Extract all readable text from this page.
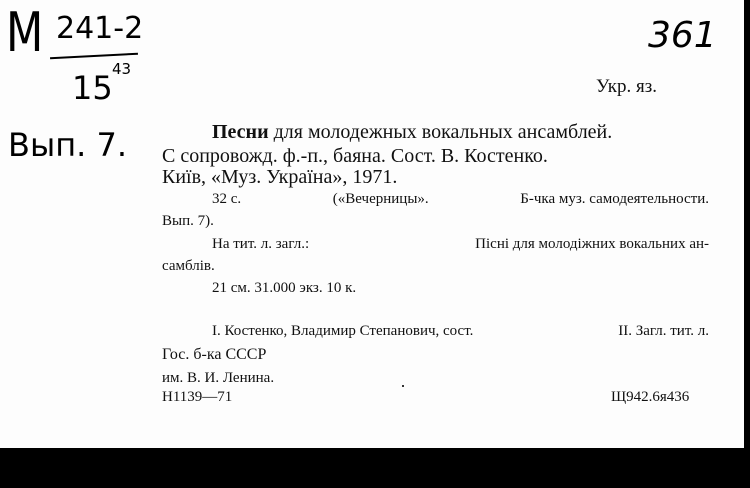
М 241-2
15 43
Вып. 7.
361
Укр. яз.
Песни для молодежных вокальных ансамблей.
С сопровожд. ф.-п., баяна. Сост. В. Костенко.
Київ, «Муз. Україна», 1971.
32 с.	(«Вечерницы».	Б-чка муз. самодеятельности.
Вып. 7).
На тит. л. загл.:	Пісні для молодіжних вокальних ан-
самблів.
21 см. 31.000 экз. 10 к.
I. Костенко, Владимир Степанович, сост.	II. Загл. тит. л.
Гос. б-ка СССР
им. В. И. Ленина.
Н1139—71	Щ942.6я436
